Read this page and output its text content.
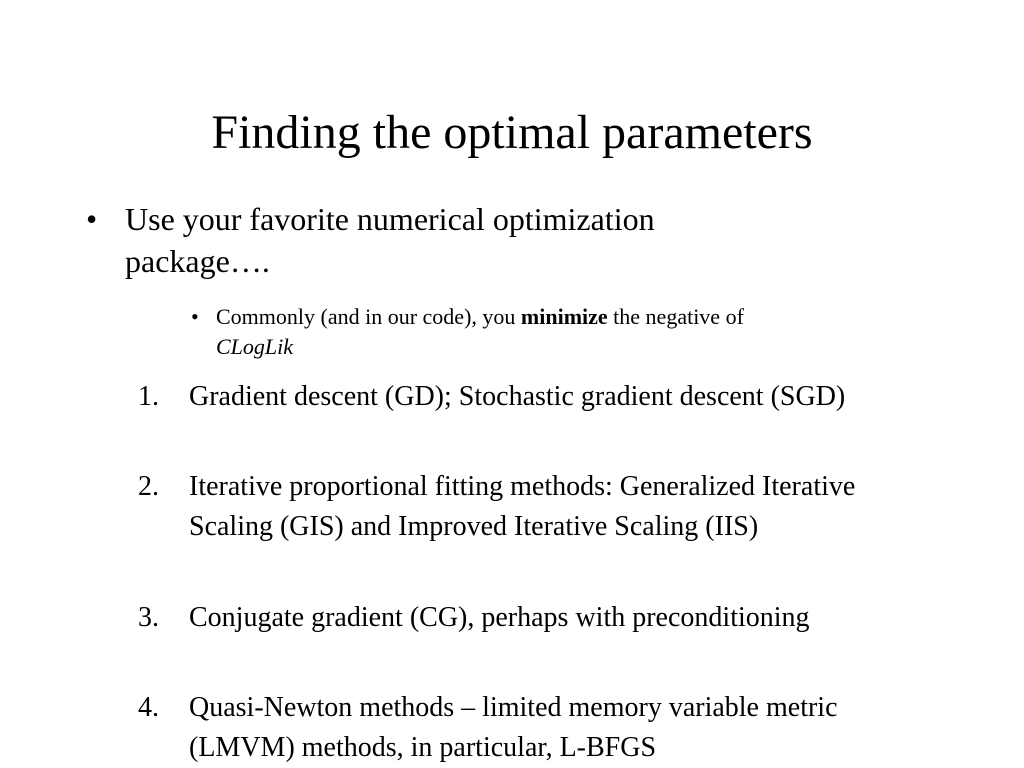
Finding the optimal parameters
• Use your favorite numerical optimization package….
• Commonly (and in our code), you minimize the negative of
CLogLik
1. Gradient descent (GD); Stochastic gradient descent (SGD)
2. Iterative proportional fitting methods: Generalized Iterative Scaling (GIS) and Improved Iterative Scaling (IIS)
3. Conjugate gradient (CG), perhaps with preconditioning
4. Quasi-Newton methods – limited memory variable metric (LMVM) methods, in particular, L-BFGS
